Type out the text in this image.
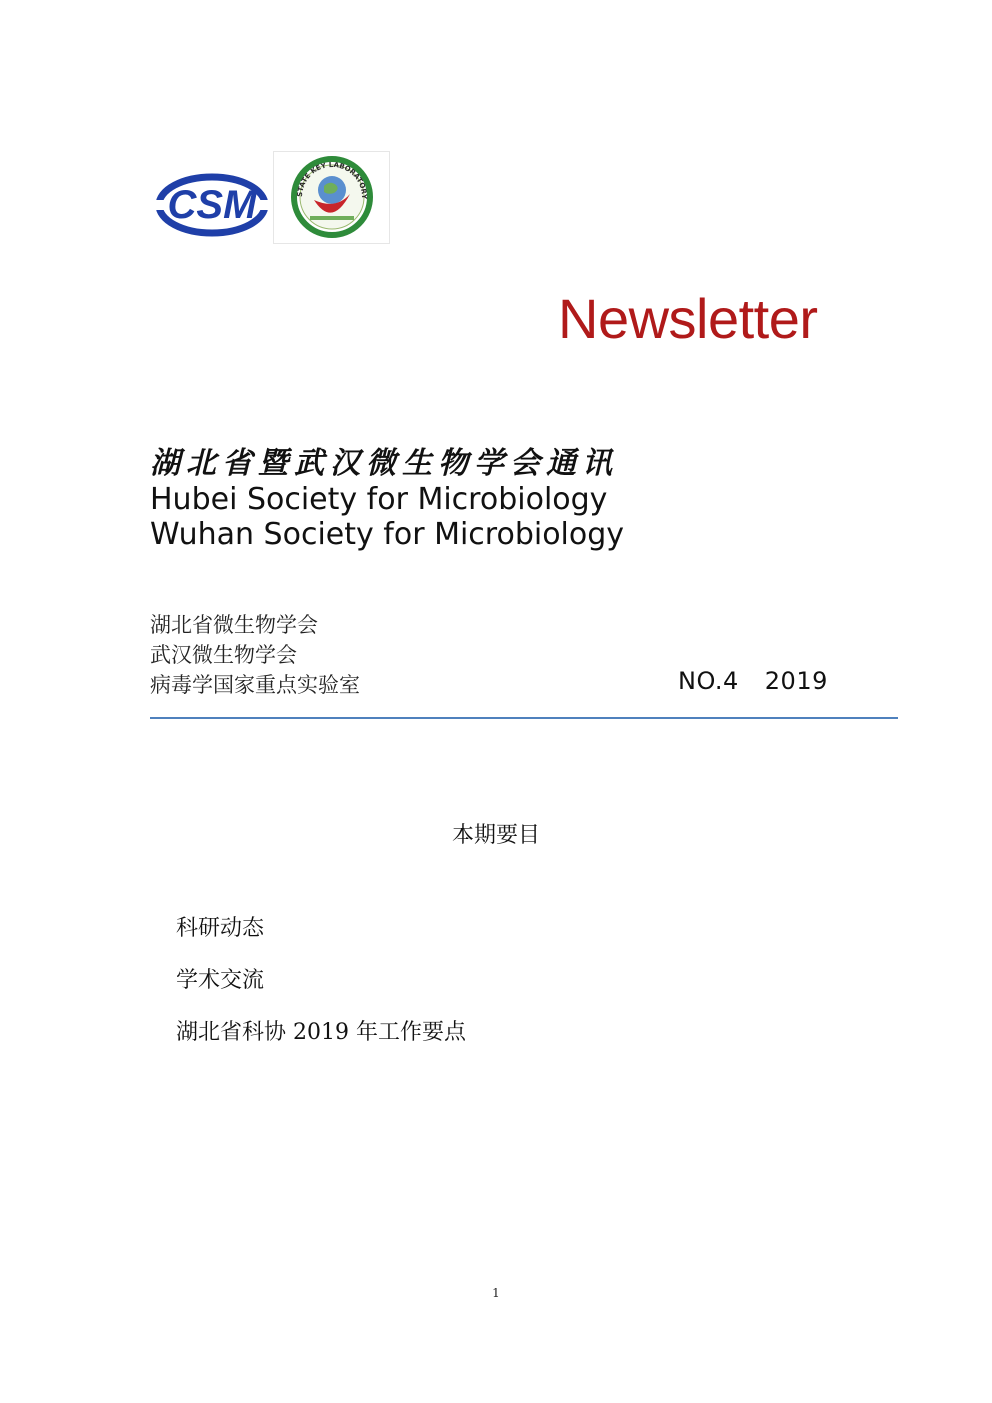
CSM	STATE KEY LABORATORY
Newsletter
湖北省暨武汉微生物学会通讯
Hubei Society for Microbiology
Wuhan Society for Microbiology
湖北省微生物学会
武汉微生物学会
病毒学国家重点实验室	NO.4 2019
本期要目
科研动态
学术交流
湖北省科协 2019 年工作要点
1
